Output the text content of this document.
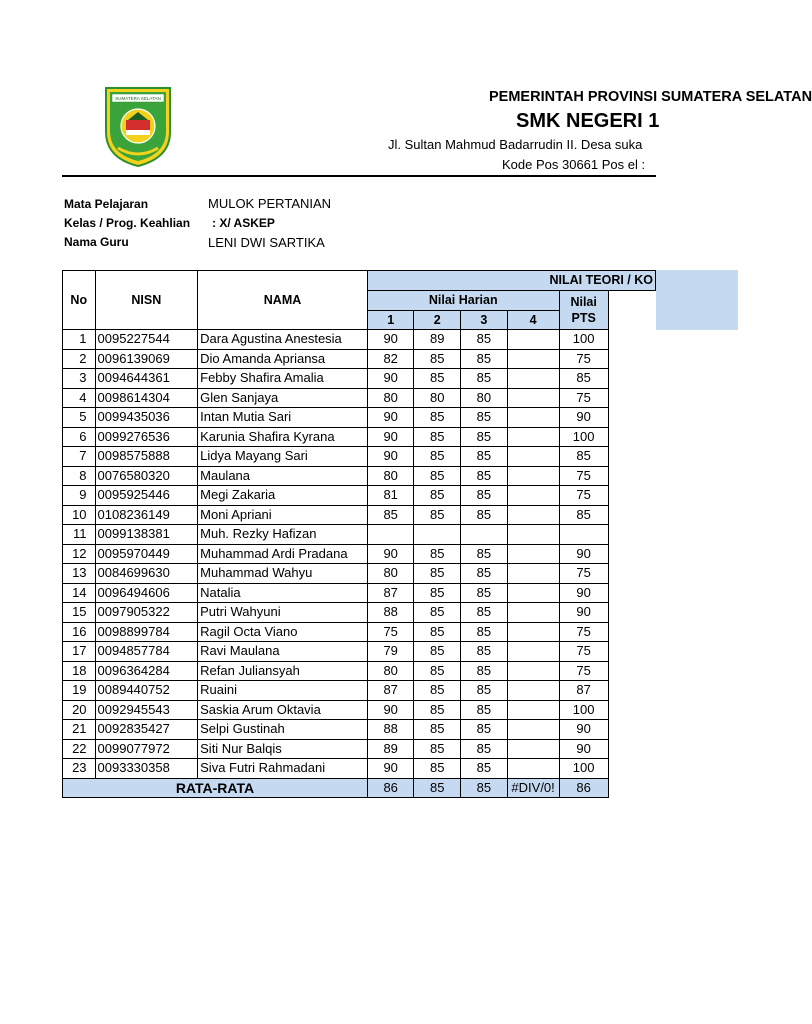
SUMATERA SELATAN	PEMERINTAH PROVINSI SUMATERA SELATAN
SMK NEGERI 1
Jl. Sultan Mahmud Badarrudin II. Desa suka
Kode Pos 30661 Pos el :
Mata Pelajaran	MULOK PERTANIAN
Kelas / Prog. Keahlian : X/ ASKEP
Nama Guru	LENI DWI SARTIKA
No	NISN	NAMA	NILAI TEORI / KO				
			Nilai Harian				Nilai
PTS
			1	2	3	4	
1	0095227544	Dara Agustina Anestesia	90	89	85		100
2	0096139069	Dio Amanda Apriansa	82	85	85		75
3	0094644361	Febby Shafira Amalia	90	85	85		85
4	0098614304	Glen Sanjaya	80	80	80		75
5	0099435036	Intan Mutia Sari	90	85	85		90
6	0099276536	Karunia Shafira Kyrana	90	85	85		100
7	0098575888	Lidya Mayang Sari	90	85	85		85
8	0076580320	Maulana	80	85	85		75
9	0095925446	Megi Zakaria	81	85	85		75
10	0108236149	Moni Apriani	85	85	85		85
11	0099138381	Muh. Rezky Hafizan					
12	0095970449	Muhammad Ardi Pradana	90	85	85		90
13	0084699630	Muhammad Wahyu	80	85	85		75
14	0096494606	Natalia	87	85	85		90
15	0097905322	Putri Wahyuni	88	85	85		90
16	0098899784	Ragil Octa Viano	75	85	85		75
17	0094857784	Ravi Maulana	79	85	85		75
18	0096364284	Refan Juliansyah	80	85	85		75
19	0089440752	Ruaini	87	85	85		87
20	0092945543	Saskia Arum Oktavia	90	85	85		100
21	0092835427	Selpi Gustinah	88	85	85		90
22	0099077972	Siti Nur Balqis	89	85	85		90
23	0093330358	Siva Futri Rahmadani	90	85	85		100
RATA-RATA			86	85	85	#DIV/0!	86
